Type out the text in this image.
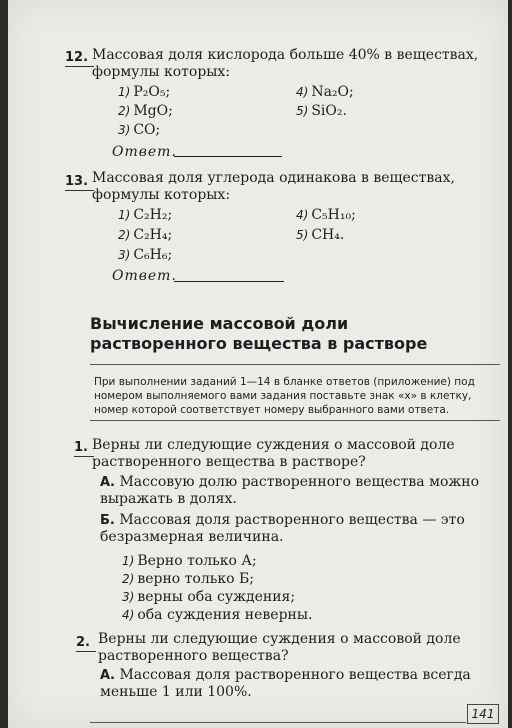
12. Массовая доля кислорода больше 40% в веществах, формулы которых:
1) P₂O₅;
2) MgO;
3) CO;
4) Na₂O;
5) SiO₂.
Ответ.
13. Массовая доля углерода одинакова в веществах, формулы которых:
1) C₂H₂;
2) C₂H₄;
3) C₆H₆;
4) C₅H₁₀;
5) CH₄.
Ответ.
Вычисление массовой доли
растворенного вещества в растворе
При выполнении заданий 1—14 в бланке ответов (приложение) под номером выполняемого вами задания поставьте знак «х» в клетку, номер которой соответствует номеру выбранного вами ответа.
1. Верны ли следующие суждения о массовой доле растворенного вещества в растворе?
А. Массовую долю растворенного вещества можно выражать в долях.
Б. Массовая доля растворенного вещества — это безразмерная величина.
1) Верно только А;
2) верно только Б;
3) верны оба суждения;
4) оба суждения неверны.
2. Верны ли следующие суждения о массовой доле растворенного вещества?
А. Массовая доля растворенного вещества всегда меньше 1 или 100%.
141
